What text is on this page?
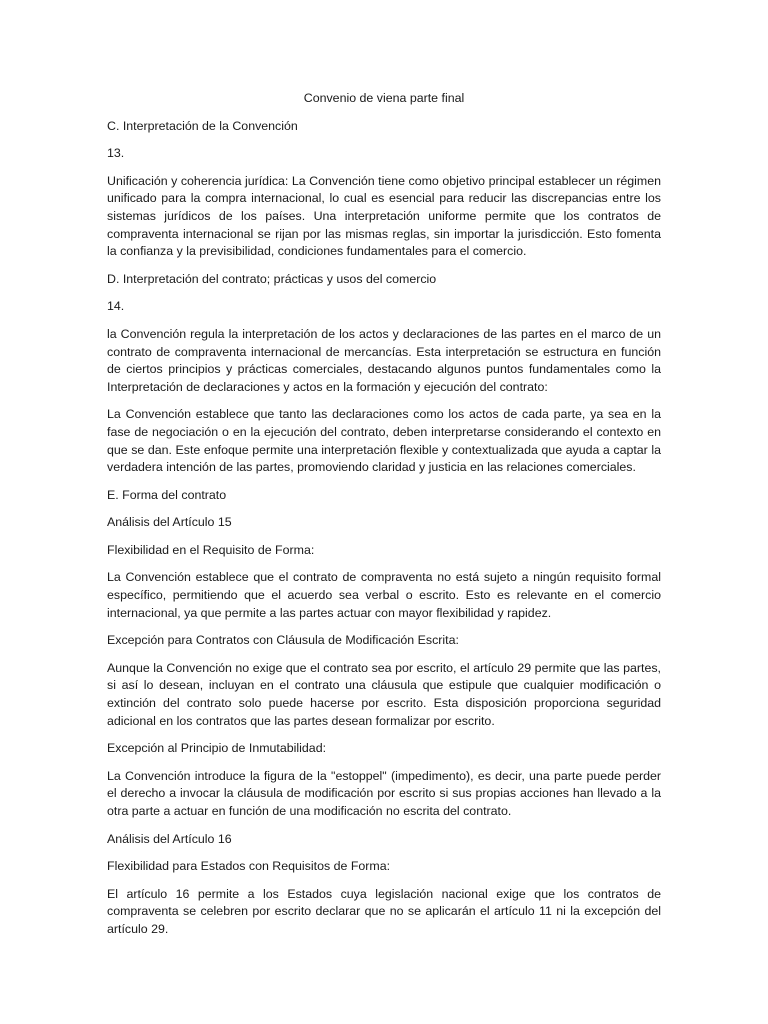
Convenio de viena parte final

C. Interpretación de la Convención

13.

Unificación y coherencia jurídica: La Convención tiene como objetivo principal establecer un régimen unificado para la compra internacional, lo cual es esencial para reducir las discrepancias entre los sistemas jurídicos de los países. Una interpretación uniforme permite que los contratos de compraventa internacional se rijan por las mismas reglas, sin importar la jurisdicción. Esto fomenta la confianza y la previsibilidad, condiciones fundamentales para el comercio.

D. Interpretación del contrato; prácticas y usos del comercio

14.

la Convención regula la interpretación de los actos y declaraciones de las partes en el marco de un contrato de compraventa internacional de mercancías. Esta interpretación se estructura en función de ciertos principios y prácticas comerciales, destacando algunos puntos fundamentales como la Interpretación de declaraciones y actos en la formación y ejecución del contrato:

La Convención establece que tanto las declaraciones como los actos de cada parte, ya sea en la fase de negociación o en la ejecución del contrato, deben interpretarse considerando el contexto en que se dan. Este enfoque permite una interpretación flexible y contextualizada que ayuda a captar la verdadera intención de las partes, promoviendo claridad y justicia en las relaciones comerciales.

E. Forma del contrato

Análisis del Artículo 15

Flexibilidad en el Requisito de Forma:

La Convención establece que el contrato de compraventa no está sujeto a ningún requisito formal específico, permitiendo que el acuerdo sea verbal o escrito. Esto es relevante en el comercio internacional, ya que permite a las partes actuar con mayor flexibilidad y rapidez.

Excepción para Contratos con Cláusula de Modificación Escrita:

Aunque la Convención no exige que el contrato sea por escrito, el artículo 29 permite que las partes, si así lo desean, incluyan en el contrato una cláusula que estipule que cualquier modificación o extinción del contrato solo puede hacerse por escrito. Esta disposición proporciona seguridad adicional en los contratos que las partes desean formalizar por escrito.

Excepción al Principio de Inmutabilidad:

La Convención introduce la figura de la "estoppel" (impedimento), es decir, una parte puede perder el derecho a invocar la cláusula de modificación por escrito si sus propias acciones han llevado a la otra parte a actuar en función de una modificación no escrita del contrato.

Análisis del Artículo 16

Flexibilidad para Estados con Requisitos de Forma:

El artículo 16 permite a los Estados cuya legislación nacional exige que los contratos de compraventa se celebren por escrito declarar que no se aplicarán el artículo 11 ni la excepción del artículo 29.
